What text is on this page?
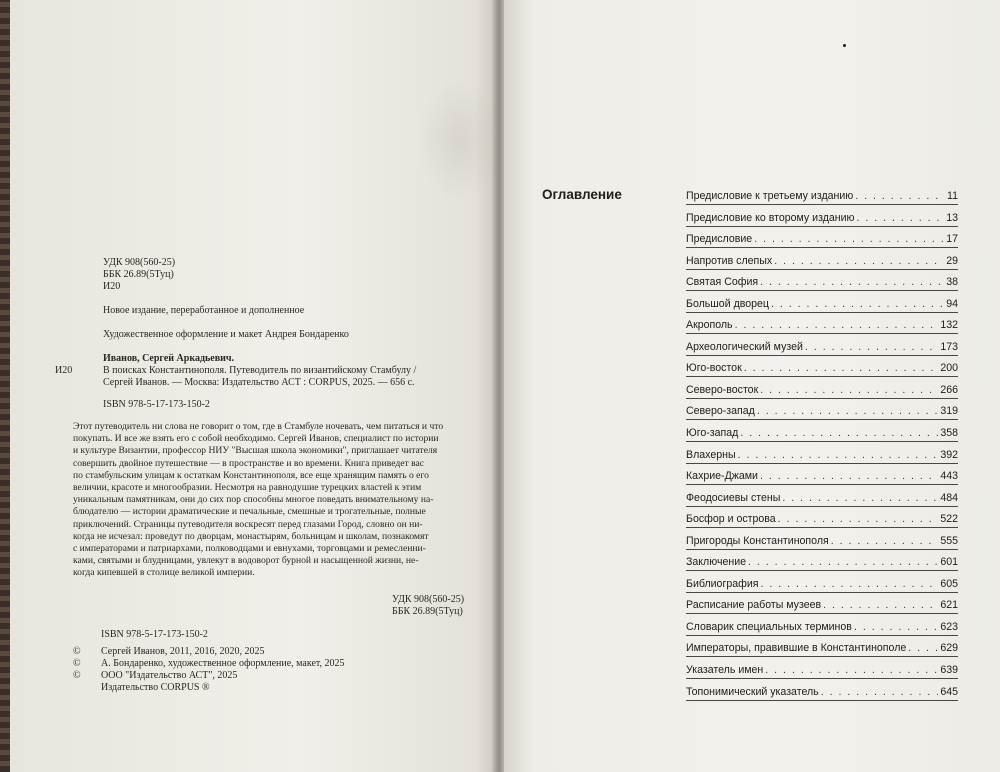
УДК 908(560-25)
ББК 26.89(5Туц)
И20
Новое издание, переработанное и дополненное
Художественное оформление и макет Андрея Бондаренко
Иванов, Сергей Аркадьевич.
И20	В поисках Константинополя. Путеводитель по византийскому Стамбулу /
Сергей Иванов. — Москва: Издательство АСТ : CORPUS, 2025. — 656 с.
ISBN 978-5-17-173-150-2

Этот путеводитель ни слова не говорит о том, где в Стамбуле ночевать, чем питаться и что

покупать. И все же взять его с собой необходимо. Сергей Иванов, специалист по истории

и культуре Византии, профессор НИУ "Высшая школа экономики", приглашает читателя

совершить двойное путешествие — в пространстве и во времени. Книга приведет вас

по стамбульским улицам к остаткам Константинополя, все еще хранящим память о его

величии, красоте и многообразии. Несмотря на равнодушие турецких властей к этим

уникальным памятникам, они до сих пор способны многое поведать внимательному на-

блюдателю — истории драматические и печальные, смешные и трогательные, полные

приключений. Страницы путеводителя воскресят перед глазами Город, словно он ни-

когда не исчезал: проведут по дворцам, монастырям, больницам и школам, познакомят

с императорами и патриархами, полководцами и евнухами, торговцами и ремесленни-

ками, святыми и блудницами, увлекут в водоворот бурной и насыщенной жизни, не-

когда кипевшей в столице великой империи.

УДК 908(560-25)
ББК 26.89(5Туц)
ISBN 978-5-17-173-150-2
© Сергей Иванов, 2011, 2016, 2020, 2025
© А. Бондаренко, художественное оформление, макет, 2025
© ООО "Издательство АСТ", 2025
Издательство CORPUS ®
Оглавление	Предисловие к третьему изданию . . .	11
Предисловие ко второму изданию . . .	13
Предисловие . . .	17
Напротив слепых . . .	29
Святая София . . .	38
Большой дворец . . .	94
Акрополь . . .	132
Археологический музей . . .	173
Юго-восток . . .	200
Северо-восток . . .	266
Северо-запад . . .	319
Юго-запад . . .	358
Влахерны . . .	392
Кахрие-Джами . . .	443
Феодосиевы стены . . .	484
Босфор и острова . . .	522
Пригороды Константинополя . . .	555
Заключение . . .	601
Библиография . . .	605
Расписание работы музеев . . .	621
Словарик специальных терминов . . .	623
Императоры, правившие в Константинополе . . .	629
Указатель имен . . .	639
Топонимический указатель . . .	645
